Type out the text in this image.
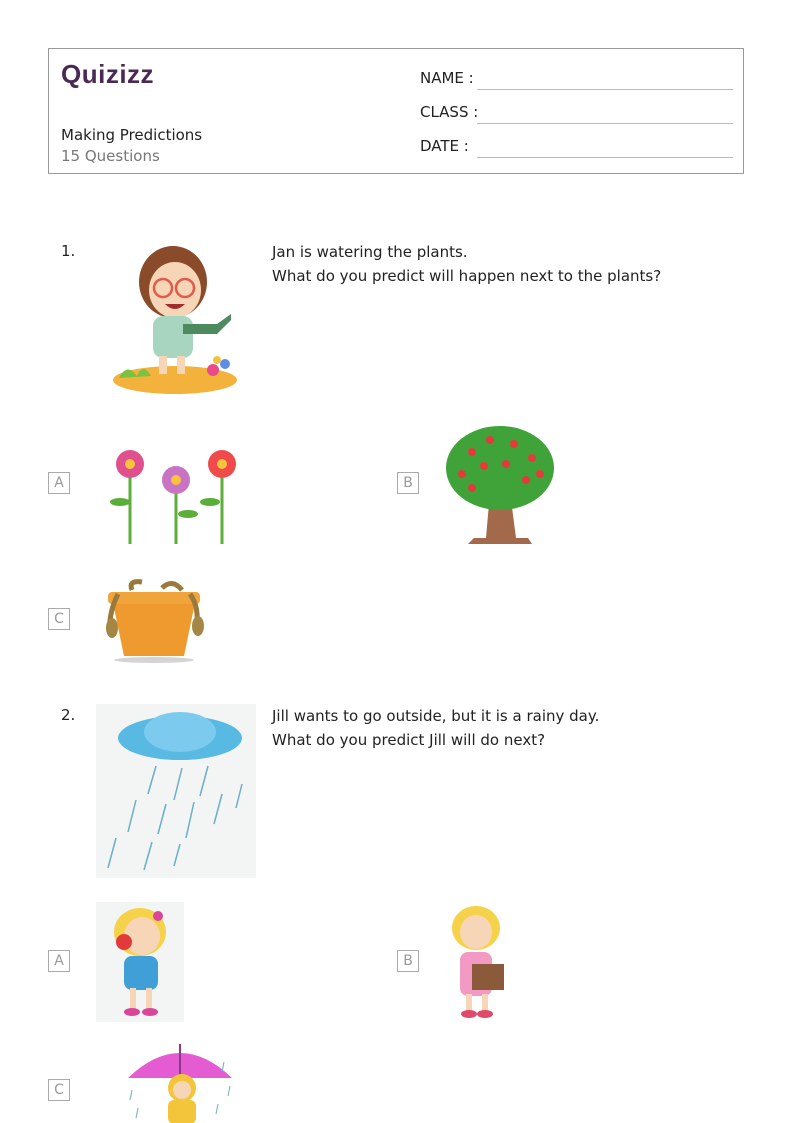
Quizizz
Making Predictions
15 Questions
NAME :
CLASS :
DATE :
1.	Jan is watering the plants.
What do you predict will happen next to the plants?
A	B
C
2.	Jill wants to go outside, but it is a rainy day.
What do you predict Jill will do next?
A	B
C
